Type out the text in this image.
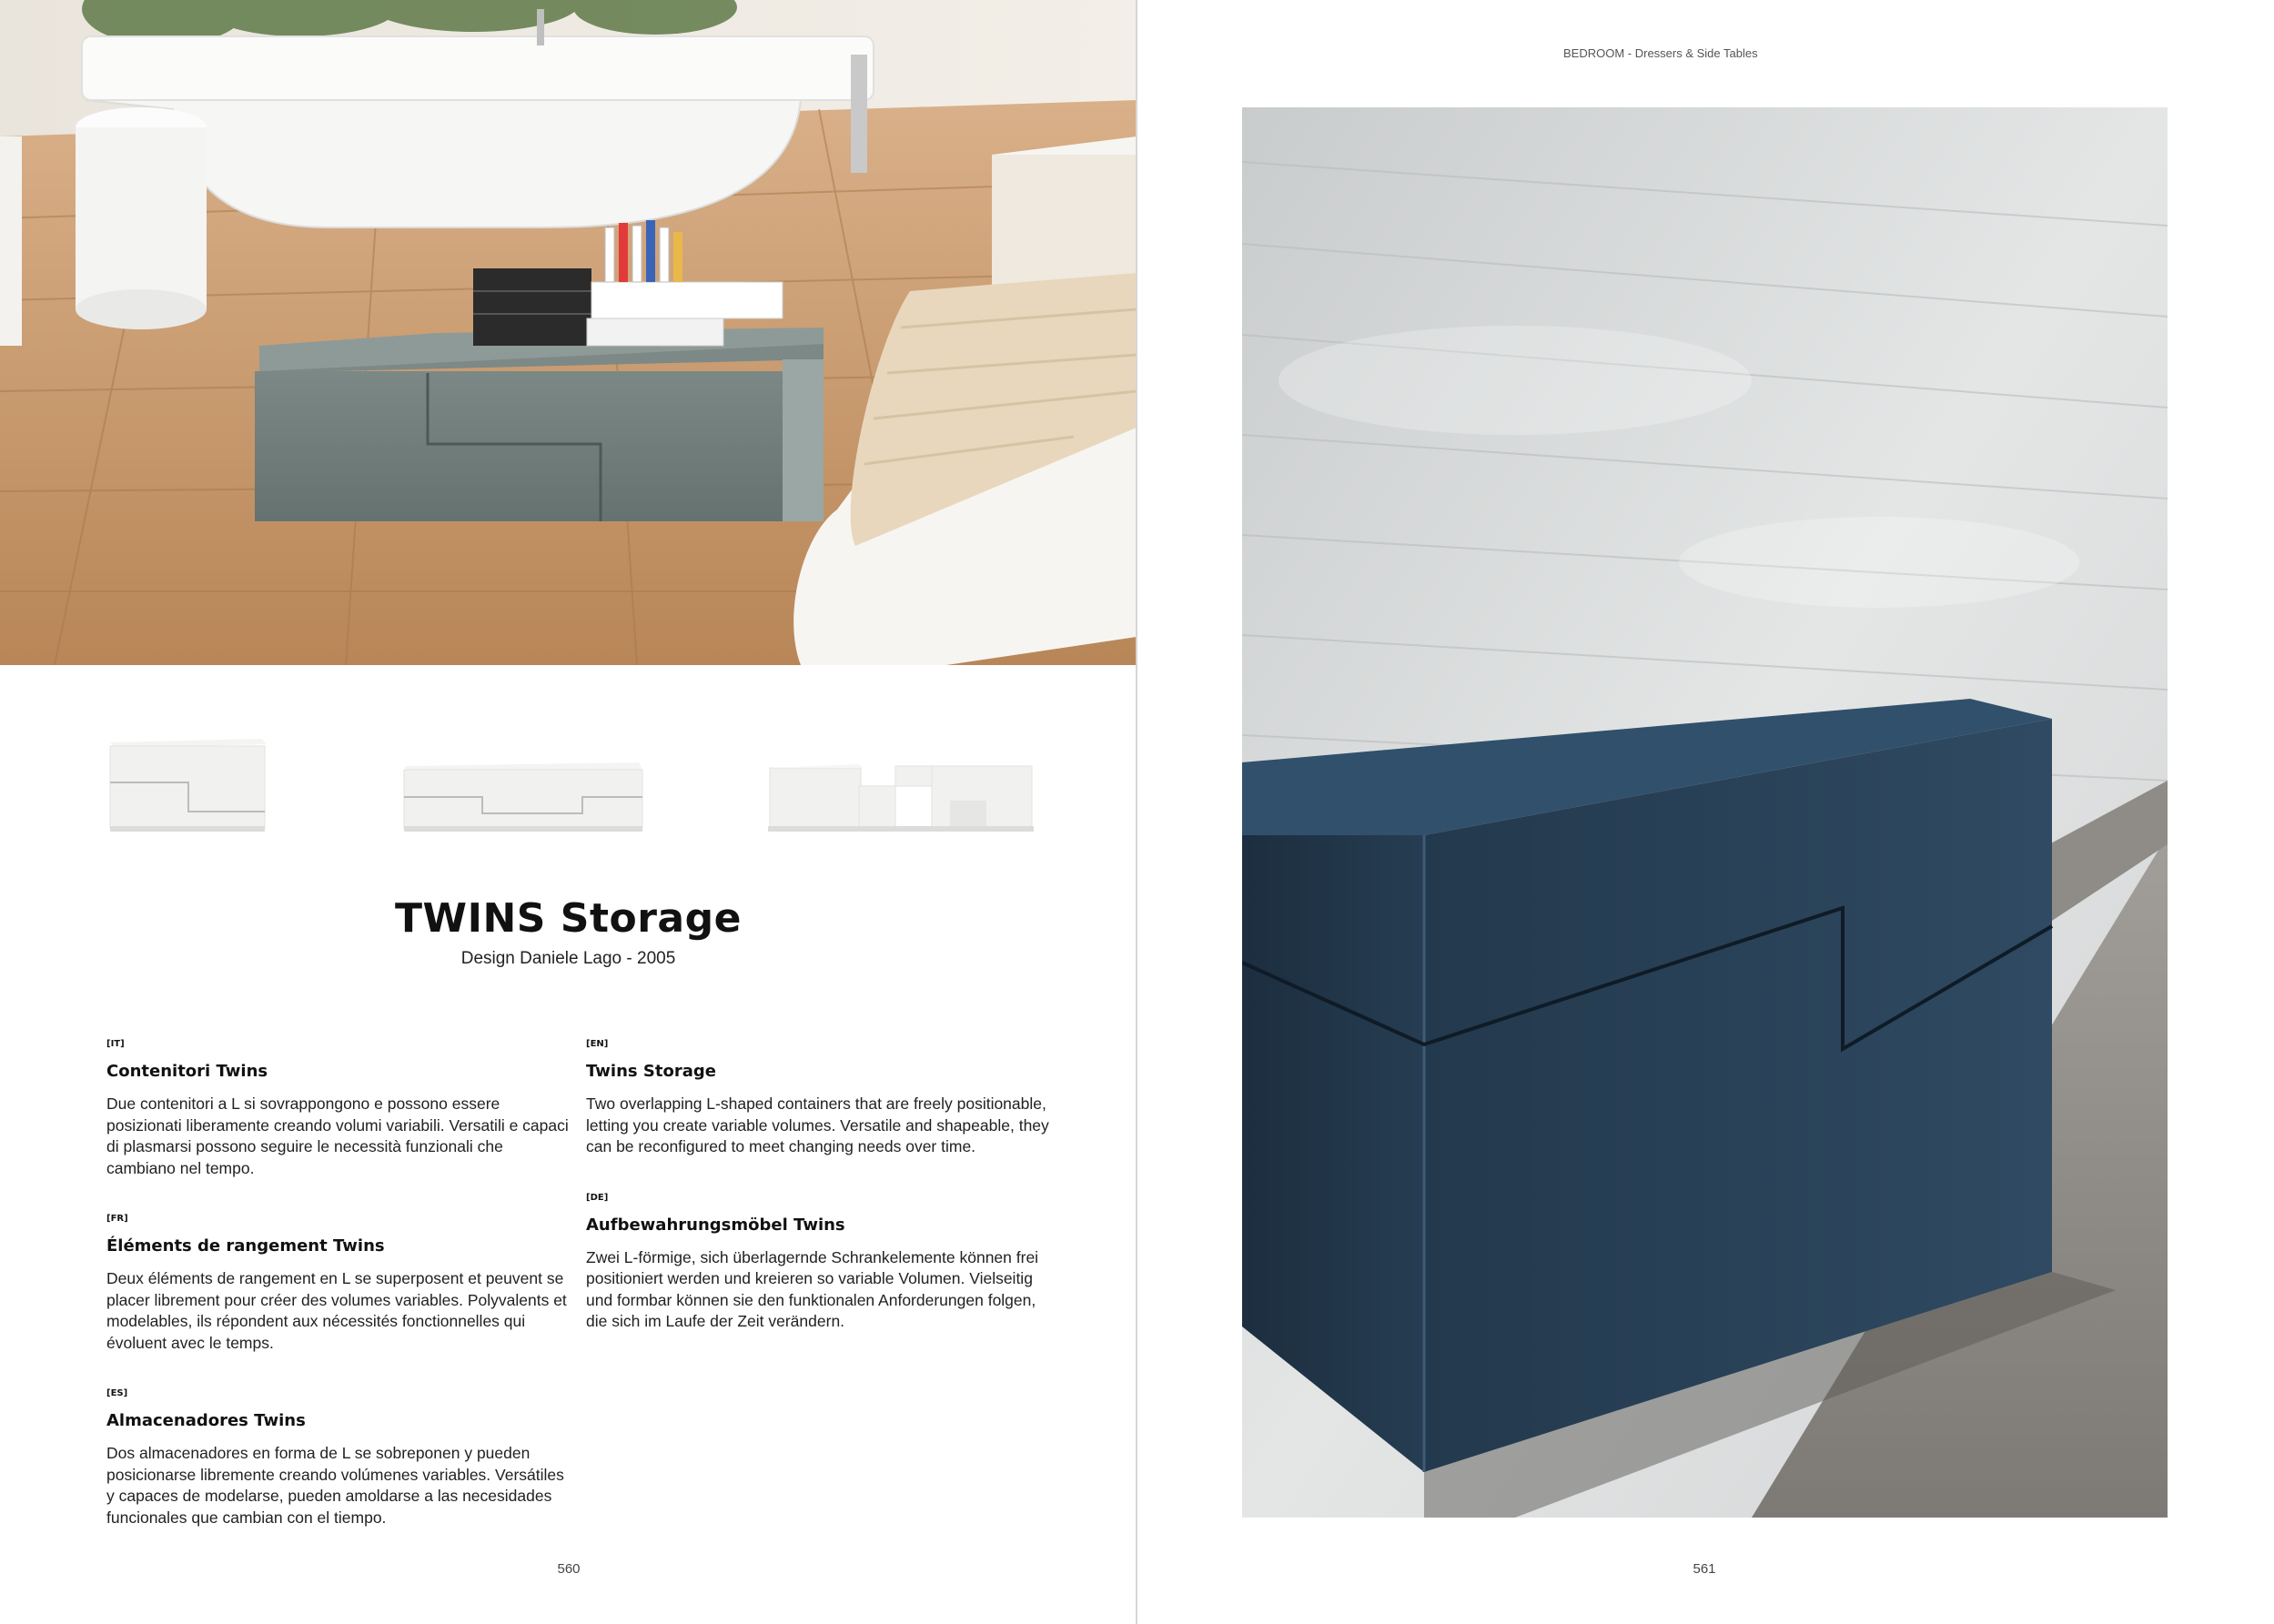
TWINS Storage
Design Daniele Lago - 2005
[IT]
Contenitori Twins
Due contenitori a L si sovrappongono e possono essere posizionati liberamente creando volumi variabili. Versatili e capaci di plasmarsi possono seguire le necessità funzionali che cambiano nel tempo.
[FR]
Éléments de rangement Twins
Deux éléments de rangement en L se superposent et peuvent se placer librement pour créer des volumes variables. Polyvalents et modelables, ils répondent aux nécessités fonctionnelles qui évoluent avec le temps.
[ES]
Almacenadores Twins
Dos almacenadores en forma de L se sobreponen y pueden posicionarse libremente creando volúmenes variables. Versátiles y capaces de modelarse, pueden amoldarse a las necesidades funcionales que cambian con el tiempo.
[EN]
Twins Storage
Two overlapping L-shaped containers that are freely positionable, letting you create variable volumes. Versatile and shapeable, they can be reconfigured to meet changing needs over time.
[DE]
Aufbewahrungsmöbel Twins
Zwei L-förmige, sich überlagernde Schrankelemente können frei positioniert werden und kreieren so variable Volumen. Vielseitig und formbar können sie den funktionalen Anforderungen folgen, die sich im Laufe der Zeit verändern.
560
BEDROOM - Dressers & Side Tables
561
